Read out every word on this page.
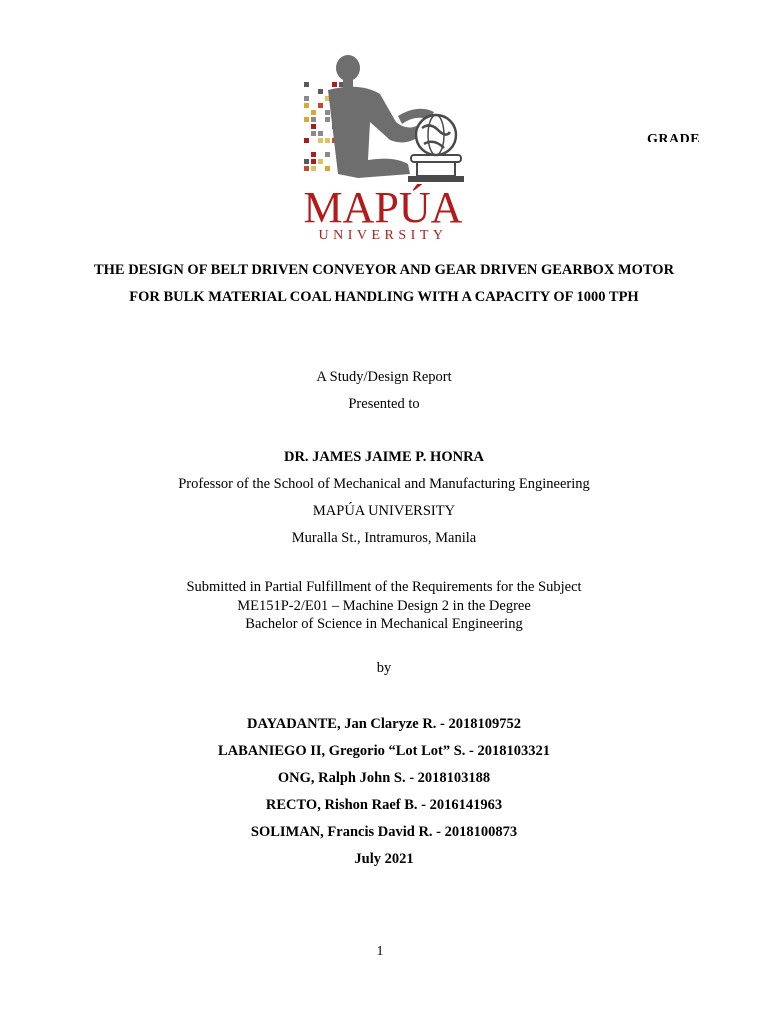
MAPÚA
UNIVERSITY
GRADE
THE DESIGN OF BELT DRIVEN CONVEYOR AND GEAR DRIVEN GEARBOX MOTOR FOR BULK MATERIAL COAL HANDLING WITH A CAPACITY OF 1000 TPH
A Study/Design Report
Presented to
DR. JAMES JAIME P. HONRA
Professor of the School of Mechanical and Manufacturing Engineering
MAPÚA UNIVERSITY
Muralla St., Intramuros, Manila
Submitted in Partial Fulfillment of the Requirements for the Subject
ME151P-2/E01 – Machine Design 2 in the Degree
Bachelor of Science in Mechanical Engineering
by
DAYADANTE, Jan Claryze R. - 2018109752
LABANIEGO II, Gregorio “Lot Lot” S. - 2018103321
ONG, Ralph John S. - 2018103188
RECTO, Rishon Raef B. - 2016141963
SOLIMAN, Francis David R. - 2018100873
July 2021
1
